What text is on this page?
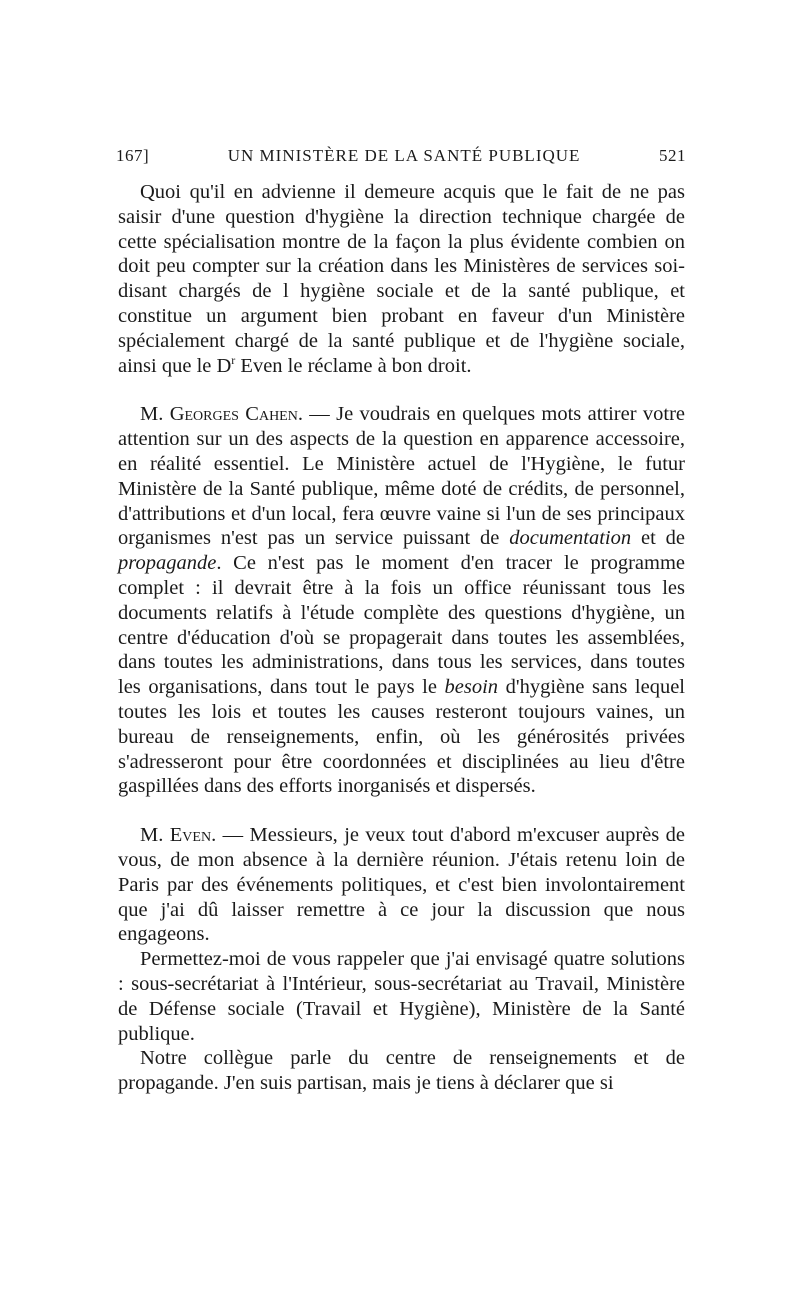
167]	UN MINISTÈRE DE LA SANTÉ PUBLIQUE	521

Quoi qu'il en advienne il demeure acquis que le fait de ne pas saisir d'une question d'hygiène la direction technique chargée de cette spécialisation montre de la façon la plus évidente combien on doit peu compter sur la création dans les Ministères de services soi-disant chargés de l hygiène sociale et de la santé publique, et constitue un argument bien probant en faveur d'un Ministère spécialement chargé de la santé publique et de l'hygiène sociale, ainsi que le $D^r$ Even le réclame à bon droit.

M. Georges Cahen. — Je voudrais en quelques mots attirer votre attention sur un des aspects de la question en apparence accessoire, en réalité essentiel. Le Ministère actuel de l'Hygiène, le futur Ministère de la Santé publique, même doté de crédits, de personnel, d'attributions et d'un local, fera œuvre vaine si l'un de ses principaux organismes n'est pas un service puissant de documentation et de propagande. Ce n'est pas le moment d'en tracer le programme complet : il devrait être à la fois un office réunissant tous les documents relatifs à l'étude complète des questions d'hygiène, un centre d'éducation d'où se propagerait dans toutes les assemblées, dans toutes les administrations, dans tous les services, dans toutes les organisations, dans tout le pays le besoin d'hygiène sans lequel toutes les lois et toutes les causes resteront toujours vaines, un bureau de renseignements, enfin, où les générosités privées s'adresseront pour être coordonnées et disciplinées au lieu d'être gaspillées dans des efforts inorganisés et dispersés.

M. Even. — Messieurs, je veux tout d'abord m'excuser auprès de vous, de mon absence à la dernière réunion. J'étais retenu loin de Paris par des événements politiques, et c'est bien involontairement que j'ai dû laisser remettre à ce jour la discussion que nous engageons.

Permettez-moi de vous rappeler que j'ai envisagé quatre solutions : sous-secrétariat à l'Intérieur, sous-secrétariat au Travail, Ministère de Défense sociale (Travail et Hygiène), Ministère de la Santé publique.

Notre collègue parle du centre de renseignements et de propagande. J'en suis partisan, mais je tiens à déclarer que si
